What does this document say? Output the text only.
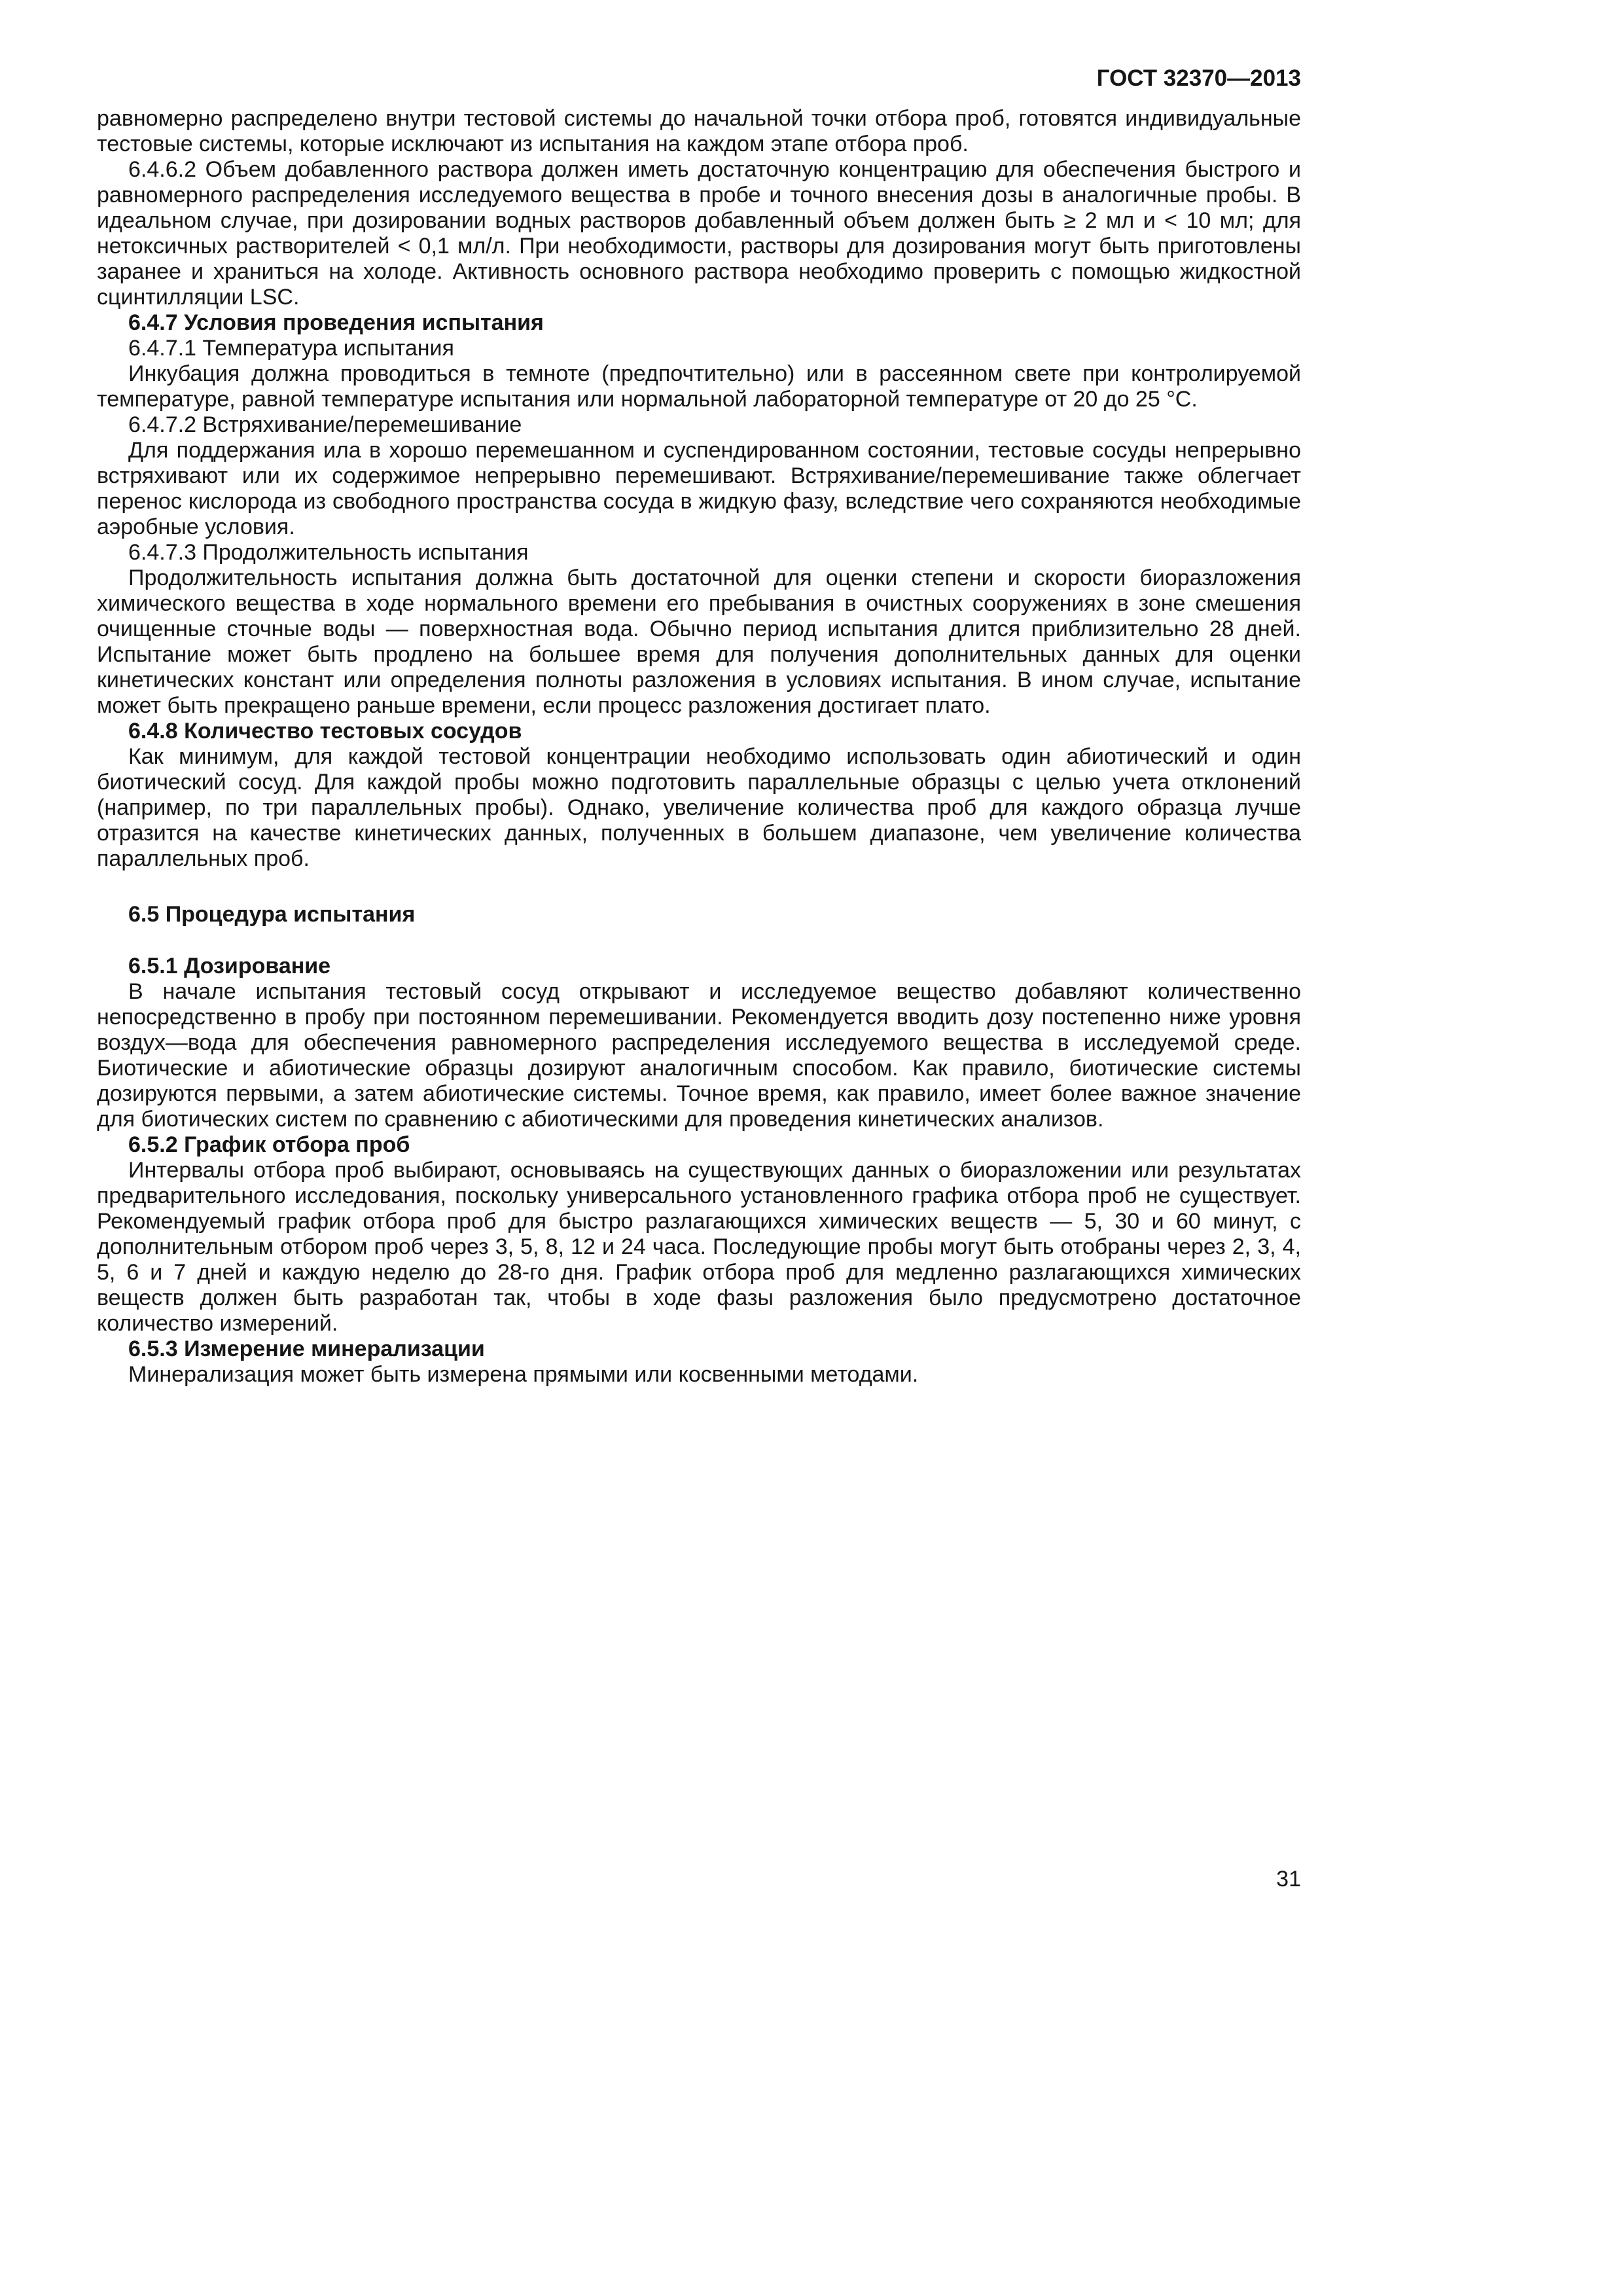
ГОСТ 32370—2013

равномерно распределено внутри тестовой системы до начальной точки отбора проб, готовятся индивидуальные тестовые системы, которые исключают из испытания на каждом этапе отбора проб.

6.4.6.2 Объем добавленного раствора должен иметь достаточную концентрацию для обеспечения быстрого и равномерного распределения исследуемого вещества в пробе и точного внесения дозы в аналогичные пробы. В идеальном случае, при дозировании водных растворов добавленный объем должен быть ≥ 2 мл и < 10 мл; для нетоксичных растворителей < 0,1 мл/л. При необходимости, растворы для дозирования могут быть приготовлены заранее и храниться на холоде. Активность основного раствора необходимо проверить с помощью жидкостной сцинтилляции LSC.

6.4.7 Условия проведения испытания

6.4.7.1 Температура испытания

Инкубация должна проводиться в темноте (предпочтительно) или в рассеянном свете при контролируемой температуре, равной температуре испытания или нормальной лабораторной температуре от 20 до 25 °С.

6.4.7.2 Встряхивание/перемешивание

Для поддержания ила в хорошо перемешанном и суспендированном состоянии, тестовые сосуды непрерывно встряхивают или их содержимое непрерывно перемешивают. Встряхивание/перемешивание также облегчает перенос кислорода из свободного пространства сосуда в жидкую фазу, вследствие чего сохраняются необходимые аэробные условия.

6.4.7.3 Продолжительность испытания

Продолжительность испытания должна быть достаточной для оценки степени и скорости биоразложения химического вещества в ходе нормального времени его пребывания в очистных сооружениях в зоне смешения очищенные сточные воды — поверхностная вода. Обычно период испытания длится приблизительно 28 дней. Испытание может быть продлено на большее время для получения дополнительных данных для оценки кинетических констант или определения полноты разложения в условиях испытания. В ином случае, испытание может быть прекращено раньше времени, если процесс разложения достигает плато.

6.4.8 Количество тестовых сосудов

Как минимум, для каждой тестовой концентрации необходимо использовать один абиотический и один биотический сосуд. Для каждой пробы можно подготовить параллельные образцы с целью учета отклонений (например, по три параллельных пробы). Однако, увеличение количества проб для каждого образца лучше отразится на качестве кинетических данных, полученных в большем диапазоне, чем увеличение количества параллельных проб.

6.5 Процедура испытания

6.5.1 Дозирование

В начале испытания тестовый сосуд открывают и исследуемое вещество добавляют количественно непосредственно в пробу при постоянном перемешивании. Рекомендуется вводить дозу постепенно ниже уровня воздух—вода для обеспечения равномерного распределения исследуемого вещества в исследуемой среде. Биотические и абиотические образцы дозируют аналогичным способом. Как правило, биотические системы дозируются первыми, а затем абиотические системы. Точное время, как правило, имеет более важное значение для биотических систем по сравнению с абиотическими для проведения кинетических анализов.

6.5.2 График отбора проб

Интервалы отбора проб выбирают, основываясь на существующих данных о биоразложении или результатах предварительного исследования, поскольку универсального установленного графика отбора проб не существует. Рекомендуемый график отбора проб для быстро разлагающихся химических веществ — 5, 30 и 60 минут, с дополнительным отбором проб через 3, 5, 8, 12 и 24 часа. Последующие пробы могут быть отобраны через 2, 3, 4, 5, 6 и 7 дней и каждую неделю до 28-го дня. График отбора проб для медленно разлагающихся химических веществ должен быть разработан так, чтобы в ходе фазы разложения было предусмотрено достаточное количество измерений.

6.5.3 Измерение минерализации

Минерализация может быть измерена прямыми или косвенными методами.

31
